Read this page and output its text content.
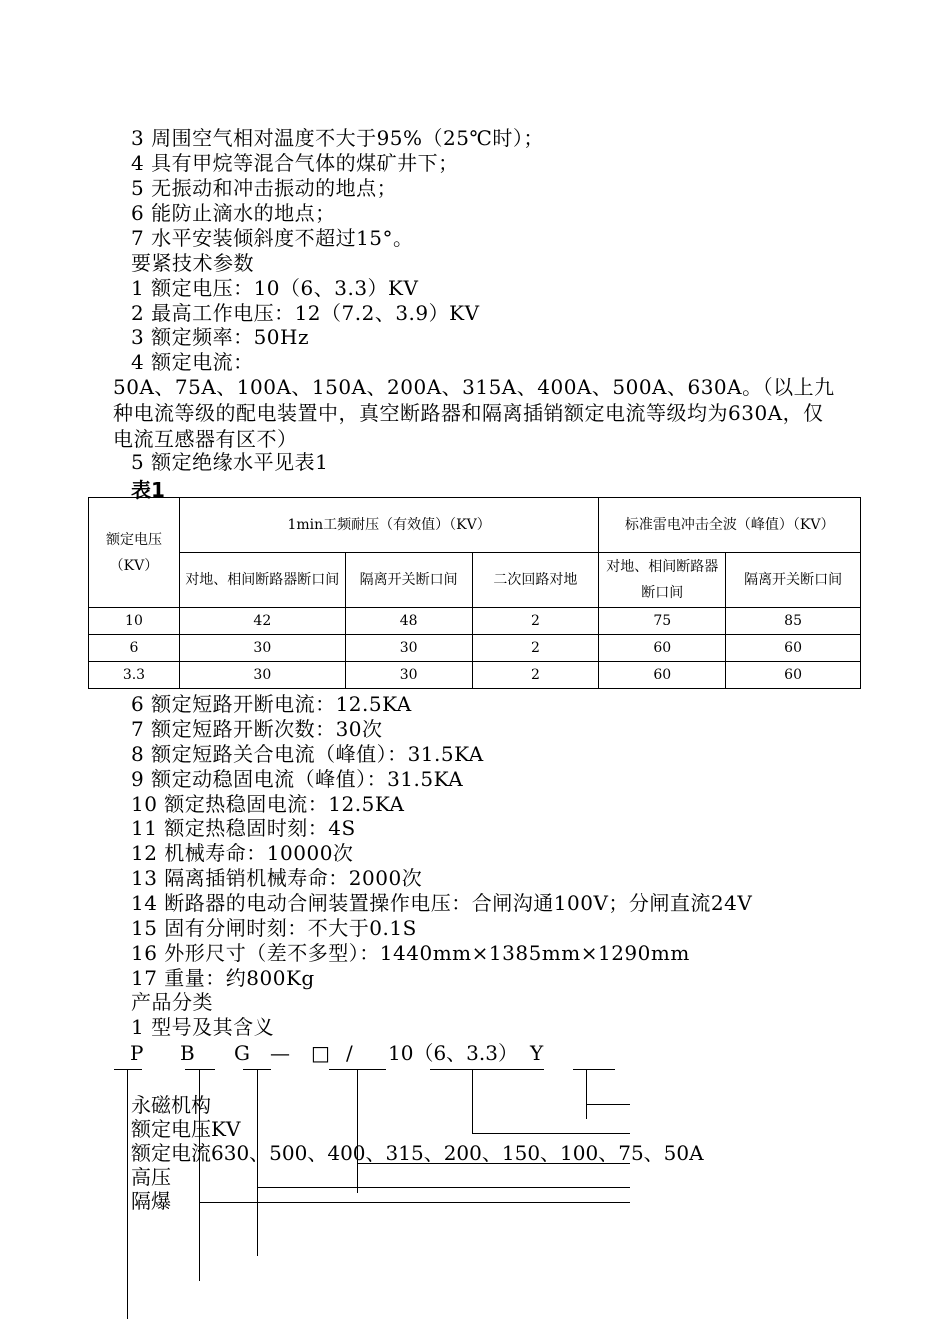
3 周围空气相对温度不大于95%（25℃时）；
4 具有甲烷等混合气体的煤矿井下；
5 无振动和冲击振动的地点；
6 能防止滴水的地点；
7 水平安装倾斜度不超过15°。
要紧技术参数
1 额定电压：10（6、3.3）KV
2 最高工作电压：12（7.2、3.9）KV
3 额定频率：50Hz
4 额定电流：
50A、75A、100A、150A、200A、315A、400A、500A、630A。（以上九种电流等级的配电装置中，真空断路器和隔离插销额定电流等级均为630A，仅电流互感器有区不）
5 额定绝缘水平见表1
表1
额定电压（KV）	1min工频耐压（有效值）（KV）			标准雷电冲击全波（峰值）（KV）	
	对地、相间断路器断口间	隔离开关断口间	二次回路对地	对地、相间断路器断口间	隔离开关断口间
10	42	48	2	75	85
6	30	30	2	60	60
3.3	30	30	2	60	60
6 额定短路开断电流：12.5KA
7 额定短路开断次数：30次
8 额定短路关合电流（峰值）：31.5KA
9 额定动稳固电流（峰值）：31.5KA
10 额定热稳固电流：12.5KA
11 额定热稳固时刻：4S
12 机械寿命：10000次
13 隔离插销机械寿命：2000次
14 断路器的电动合闸装置操作电压：合闸沟通100V；分闸直流24V
15 固有分闸时刻：不大于0.1S
16 外形尺寸（差不多型）：1440mm×1385mm×1290mm
17 重量：约800Kg
产品分类
1 型号及其含义
P B G — □ / 10（6、3.3） Y
永磁机构
额定电压KV
额定电流630、500、400、315、200、150、100、75、50A
高压
隔爆
